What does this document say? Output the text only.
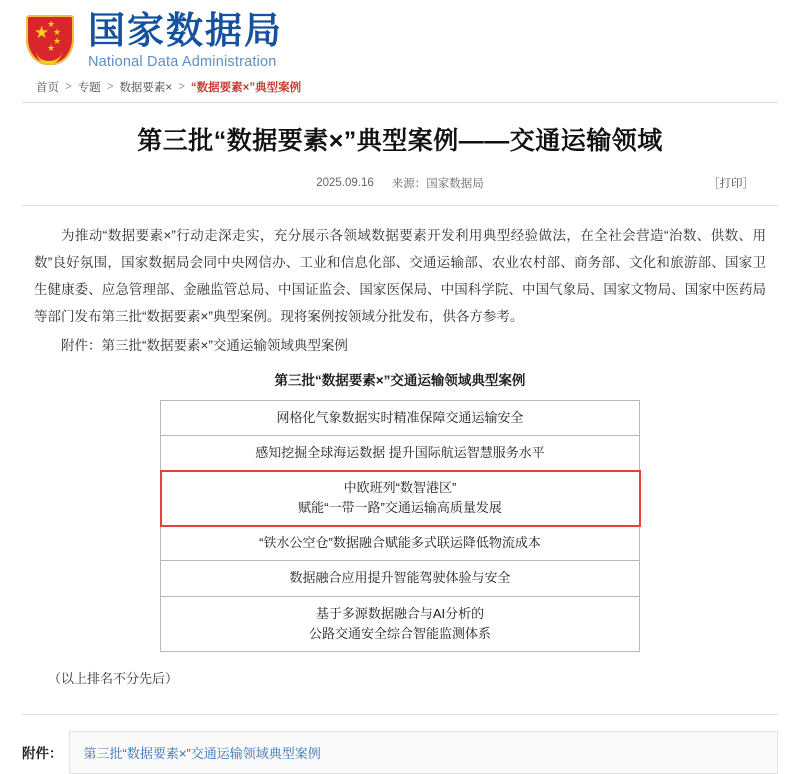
★
★
★
★
★ 国家数据局
National Data Administration
首页 > 专题 > 数据要素× > “数据要素×”典型案例
第三批“数据要素×”典型案例——交通运输领域
2025.09.16 来源：国家数据局	［打印］

为推动“数据要素×”行动走深走实，充分展示各领域数据要素开发利用典型经验做法，在全社会营造“治数、供数、用数”良好氛围，国家数据局会同中央网信办、工业和信息化部、交通运输部、农业农村部、商务部、文化和旅游部、国家卫生健康委、应急管理部、金融监管总局、中国证监会、国家医保局、中国科学院、中国气象局、国家文物局、国家中医药局等部门发布第三批“数据要素×”典型案例。现将案例按领域分批发布，供各方参考。

附件：第三批“数据要素×”交通运输领域典型案例

第三批“数据要素×”交通运输领域典型案例
网格化气象数据实时精准保障交通运输安全
感知挖掘全球海运数据 提升国际航运智慧服务水平

中欧班列“数智港区”
赋能“一带一路”交通运输高质量发展

“铁水公空仓”数据融合赋能多式联运降低物流成本
数据融合应用提升智能驾驶体验与安全

基于多源数据融合与AI分析的
公路交通安全综合智能监测体系
（以上排名不分先后）
附件：	第三批“数据要素×”交通运输领域典型案例
